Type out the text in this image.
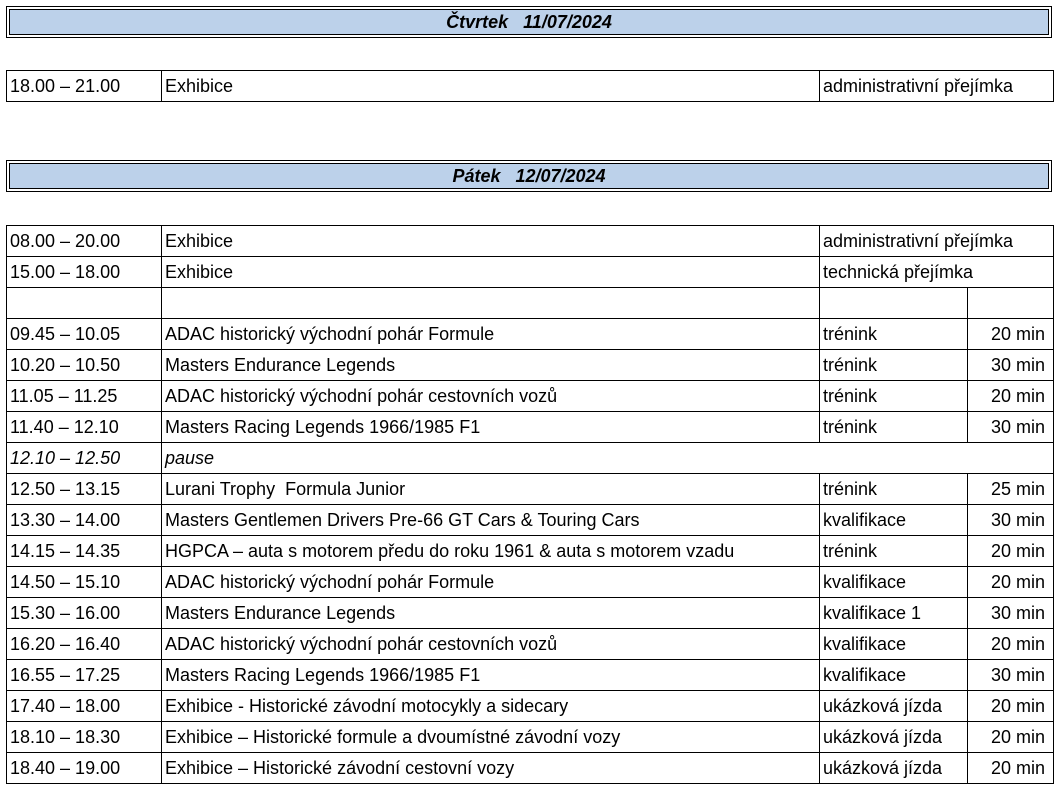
Čtvrtek   11/07/2024
18.00 – 21.00	Exhibice	administrativní přejímka
Pátek   12/07/2024
08.00 – 20.00	Exhibice	administrativní přejímka	
15.00 – 18.00	Exhibice	technická přejímka	

09.45 – 10.05	ADAC historický východní pohár Formule	trénink	20 min
10.20 – 10.50	Masters Endurance Legends	trénink	30 min
11.05 – 11.25	ADAC historický východní pohár cestovních vozů	trénink	20 min
11.40 – 12.10	Masters Racing Legends 1966/1985 F1	trénink	30 min
12.10 – 12.50	pause		
12.50 – 13.15	Lurani Trophy  Formula Junior	trénink	25 min
13.30 – 14.00	Masters Gentlemen Drivers Pre-66 GT Cars & Touring Cars	kvalifikace	30 min
14.15 – 14.35	HGPCA – auta s motorem předu do roku 1961 & auta s motorem vzadu	trénink	20 min
14.50 – 15.10	ADAC historický východní pohár Formule	kvalifikace	20 min
15.30 – 16.00	Masters Endurance Legends	kvalifikace 1	30 min
16.20 – 16.40	ADAC historický východní pohár cestovních vozů	kvalifikace	20 min
16.55 – 17.25	Masters Racing Legends 1966/1985 F1	kvalifikace	30 min
17.40 – 18.00	Exhibice - Historické závodní motocykly a sidecary	ukázková jízda	20 min
18.10 – 18.30	Exhibice – Historické formule a dvoumístné závodní vozy	ukázková jízda	20 min
18.40 – 19.00	Exhibice – Historické závodní cestovní vozy	ukázková jízda	20 min
